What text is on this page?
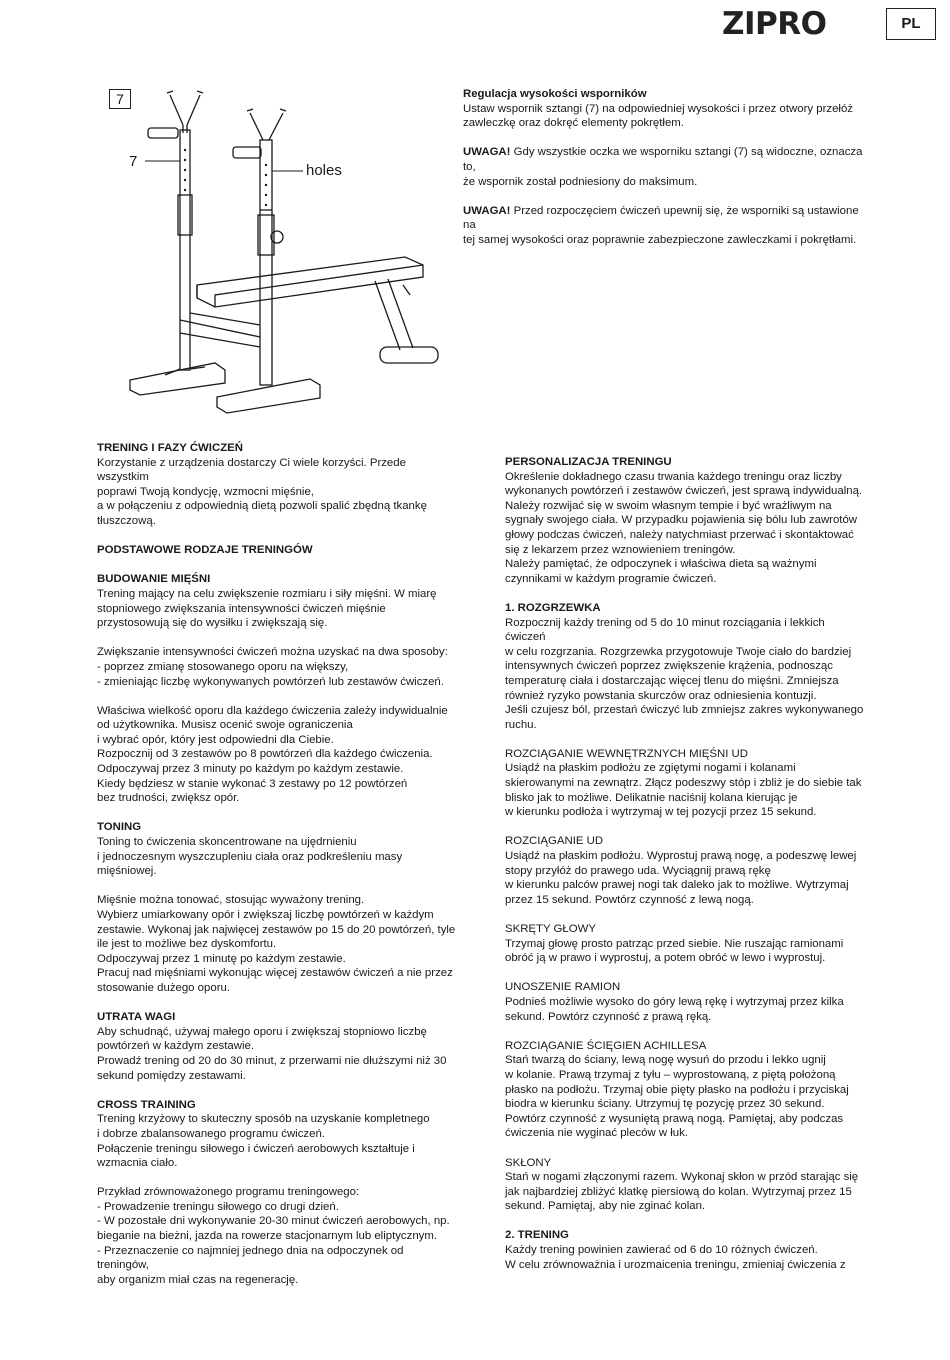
ZIPRO	PL
7
7
holes
Regulacja wysokości wsporników

Ustaw wspornik sztangi (7) na odpowiedniej wysokości i przez otwory przełóż
zawleczkę oraz dokręć elementy pokrętłem.

UWAGA! Gdy wszystkie oczka we wsporniku sztangi (7) są widoczne, oznacza to,
że wspornik został podniesiony do maksimum.

UWAGA! Przed rozpoczęciem ćwiczeń upewnij się, że wsporniki są ustawione na
tej samej wysokości oraz poprawnie zabezpieczone zawleczkami i pokrętłami.

TRENING I FAZY ĆWICZEŃ

Korzystanie z urządzenia dostarczy Ci wiele korzyści. Przede wszystkim
poprawi Twoją kondycję, wzmocni mięśnie,
a w połączeniu z odpowiednią dietą pozwoli spalić zbędną tkankę
tłuszczową.

PODSTAWOWE RODZAJE TRENINGÓW
BUDOWANIE MIĘŚNI

Trening mający na celu zwiększenie rozmiaru i siły mięśni. W miarę
stopniowego zwiększania intensywności ćwiczeń mięśnie
przystosowują się do wysiłku i zwiększają się.

Zwiększanie intensywności ćwiczeń można uzyskać na dwa sposoby:
- poprzez zmianę stosowanego oporu na większy,
- zmieniając liczbę wykonywanych powtórzeń lub zestawów ćwiczeń.

Właściwa wielkość oporu dla każdego ćwiczenia zależy indywidualnie
od użytkownika. Musisz ocenić swoje ograniczenia
i wybrać opór, który jest odpowiedni dla Ciebie.
Rozpocznij od 3 zestawów po 8 powtórzeń dla każdego ćwiczenia.
Odpoczywaj przez 3 minuty po każdym po każdym zestawie.
Kiedy będziesz w stanie wykonać 3 zestawy po 12 powtórzeń
bez trudności, zwiększ opór.

TONING

Toning to ćwiczenia skoncentrowane na ujędrnieniu
i jednoczesnym wyszczupleniu ciała oraz podkreśleniu masy
mięśniowej.

Mięśnie można tonować, stosując wyważony trening.
Wybierz umiarkowany opór i zwiększaj liczbę powtórzeń w każdym
zestawie. Wykonaj jak najwięcej zestawów po 15 do 20 powtórzeń, tyle
ile jest to możliwe bez dyskomfortu.
Odpoczywaj przez 1 minutę po każdym zestawie.
Pracuj nad mięśniami wykonując więcej zestawów ćwiczeń a nie przez
stosowanie dużego oporu.

UTRATA WAGI

Aby schudnąć, używaj małego oporu i zwiększaj stopniowo liczbę
powtórzeń w każdym zestawie.
Prowadź trening od 20 do 30 minut, z przerwami nie dłuższymi niż 30
sekund pomiędzy zestawami.

CROSS TRAINING

Trening krzyżowy to skuteczny sposób na uzyskanie kompletnego
i dobrze zbalansowanego programu ćwiczeń.
Połączenie treningu siłowego i ćwiczeń aerobowych kształtuje i
wzmacnia ciało.

Przykład zrównoważonego programu treningowego:
- Prowadzenie treningu siłowego co drugi dzień.
- W pozostałe dni wykonywanie 20-30 minut ćwiczeń aerobowych, np.
bieganie na bieżni, jazda na rowerze stacjonarnym lub eliptycznym.
- Przeznaczenie co najmniej jednego dnia na odpoczynek od treningów,
aby organizm miał czas na regenerację.

PERSONALIZACJA TRENINGU

Określenie dokładnego czasu trwania każdego treningu oraz liczby
wykonanych powtórzeń i zestawów ćwiczeń, jest sprawą indywidualną.
Należy rozwijać się w swoim własnym tempie i być wrażliwym na
sygnały swojego ciała. W przypadku pojawienia się bólu lub zawrotów
głowy podczas ćwiczeń, należy natychmiast przerwać i skontaktować
się z lekarzem przez wznowieniem treningów.
Należy pamiętać, że odpoczynek i właściwa dieta są ważnymi
czynnikami w każdym programie ćwiczeń.

1. ROZGRZEWKA

Rozpocznij każdy trening od 5 do 10 minut rozciągania i lekkich ćwiczeń
w celu rozgrzania. Rozgrzewka przygotowuje Twoje ciało do bardziej
intensywnych ćwiczeń poprzez zwiększenie krążenia, podnosząc
temperaturę ciała i dostarczając więcej tlenu do mięśni. Zmniejsza
również ryzyko powstania skurczów oraz odniesienia kontuzji.
Jeśli czujesz ból, przestań ćwiczyć lub zmniejsz zakres wykonywanego
ruchu.

ROZCIĄGANIE WEWNĘTRZNYCH MIĘŚNI UD

Usiądź na płaskim podłożu ze zgiętymi nogami i kolanami
skierowanymi na zewnątrz. Złącz podeszwy stóp i zbliż je do siebie tak
blisko jak to możliwe. Delikatnie naciśnij kolana kierując je
w kierunku podłoża i wytrzymaj w tej pozycji przez 15 sekund.

ROZCIĄGANIE UD

Usiądź na płaskim podłożu. Wyprostuj prawą nogę, a podeszwę lewej
stopy przyłóż do prawego uda. Wyciągnij prawą rękę
w kierunku palców prawej nogi tak daleko jak to możliwe. Wytrzymaj
przez 15 sekund. Powtórz czynność z lewą nogą.

SKRĘTY GŁOWY

Trzymaj głowę prosto patrząc przed siebie. Nie ruszając ramionami
obróć ją w prawo i wyprostuj, a potem obróć w lewo i wyprostuj.

UNOSZENIE RAMION

Podnieś możliwie wysoko do góry lewą rękę i wytrzymaj przez kilka
sekund. Powtórz czynność z prawą ręką.

ROZCIĄGANIE ŚCIĘGIEN ACHILLESA

Stań twarzą do ściany, lewą nogę wysuń do przodu i lekko ugnij
w kolanie. Prawą trzymaj z tyłu – wyprostowaną, z piętą położoną
płasko na podłożu. Trzymaj obie pięty płasko na podłożu i przyciskaj
biodra w kierunku ściany. Utrzymuj tę pozycję przez 30 sekund.
Powtórz czynność z wysuniętą prawą nogą. Pamiętaj, aby podczas
ćwiczenia nie wyginać pleców w łuk.

SKŁONY

Stań w nogami złączonymi razem. Wykonaj skłon w przód starając się
jak najbardziej zbliżyć klatkę piersiową do kolan. Wytrzymaj przez 15
sekund. Pamiętaj, aby nie zginać kolan.

2. TRENING

Każdy trening powinien zawierać od 6 do 10 różnych ćwiczeń.
W celu zrównoważnia i urozmaicenia treningu, zmieniaj ćwiczenia z
